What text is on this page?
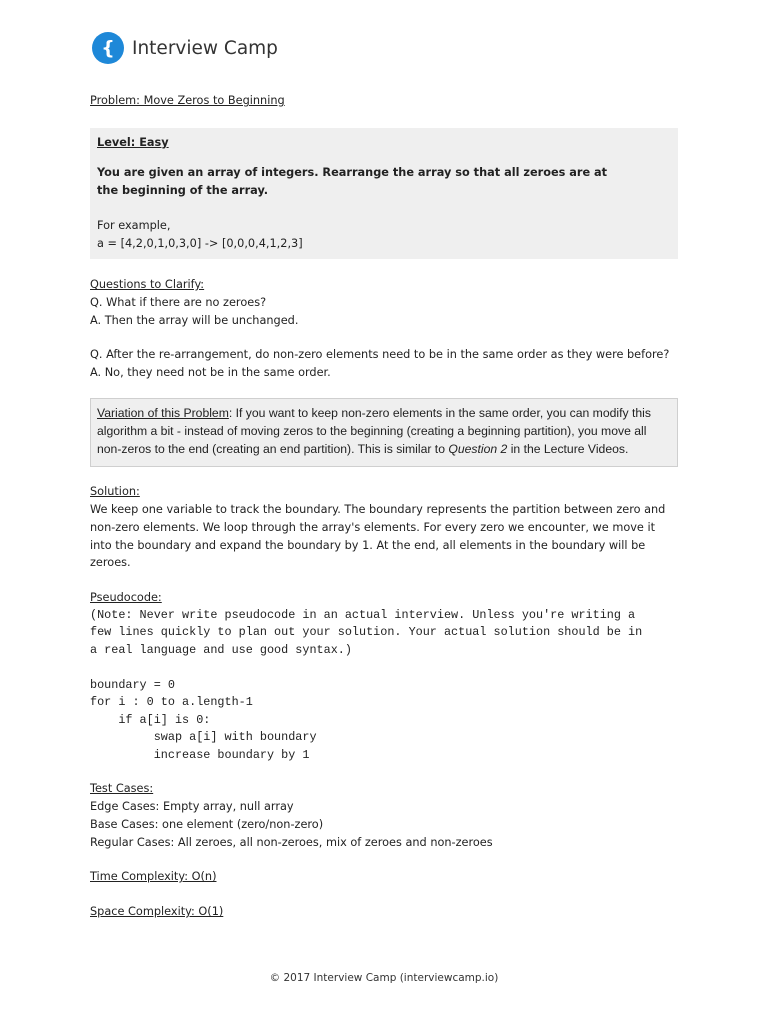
{ Interview Camp
Problem: Move Zeros to Beginning
Level: Easy
You are given an array of integers. Rearrange the array so that all zeroes are at
the beginning of the array.
For example,
a = [4,2,0,1,0,3,0] -> [0,0,0,4,1,2,3]
Questions to Clarify:
Q. What if there are no zeroes?
A. Then the array will be unchanged.
Q. After the re-arrangement, do non-zero elements need to be in the same order as they were before?
A. No, they need not be in the same order.
Variation of this Problem: If you want to keep non-zero elements in the same order, you can modify this
algorithm a bit - instead of moving zeros to the beginning (creating a beginning partition), you move all
non-zeros to the end (creating an end partition). This is similar to Question 2 in the Lecture Videos.
Solution:
We keep one variable to track the boundary. The boundary represents the partition between zero and
non-zero elements. We loop through the array's elements. For every zero we encounter, we move it
into the boundary and expand the boundary by 1. At the end, all elements in the boundary will be
zeroes.
Pseudocode:
(Note: Never write pseudocode in an actual interview. Unless you're writing a
few lines quickly to plan out your solution. Your actual solution should be in
a real language and use good syntax.)
boundary = 0
for i : 0 to a.length-1
if a[i] is 0:
swap a[i] with boundary
increase boundary by 1
Test Cases:
Edge Cases: Empty array, null array
Base Cases: one element (zero/non-zero)
Regular Cases: All zeroes, all non-zeroes, mix of zeroes and non-zeroes
Time Complexity: O(n)
Space Complexity: O(1)
© 2017 Interview Camp (interviewcamp.io)
